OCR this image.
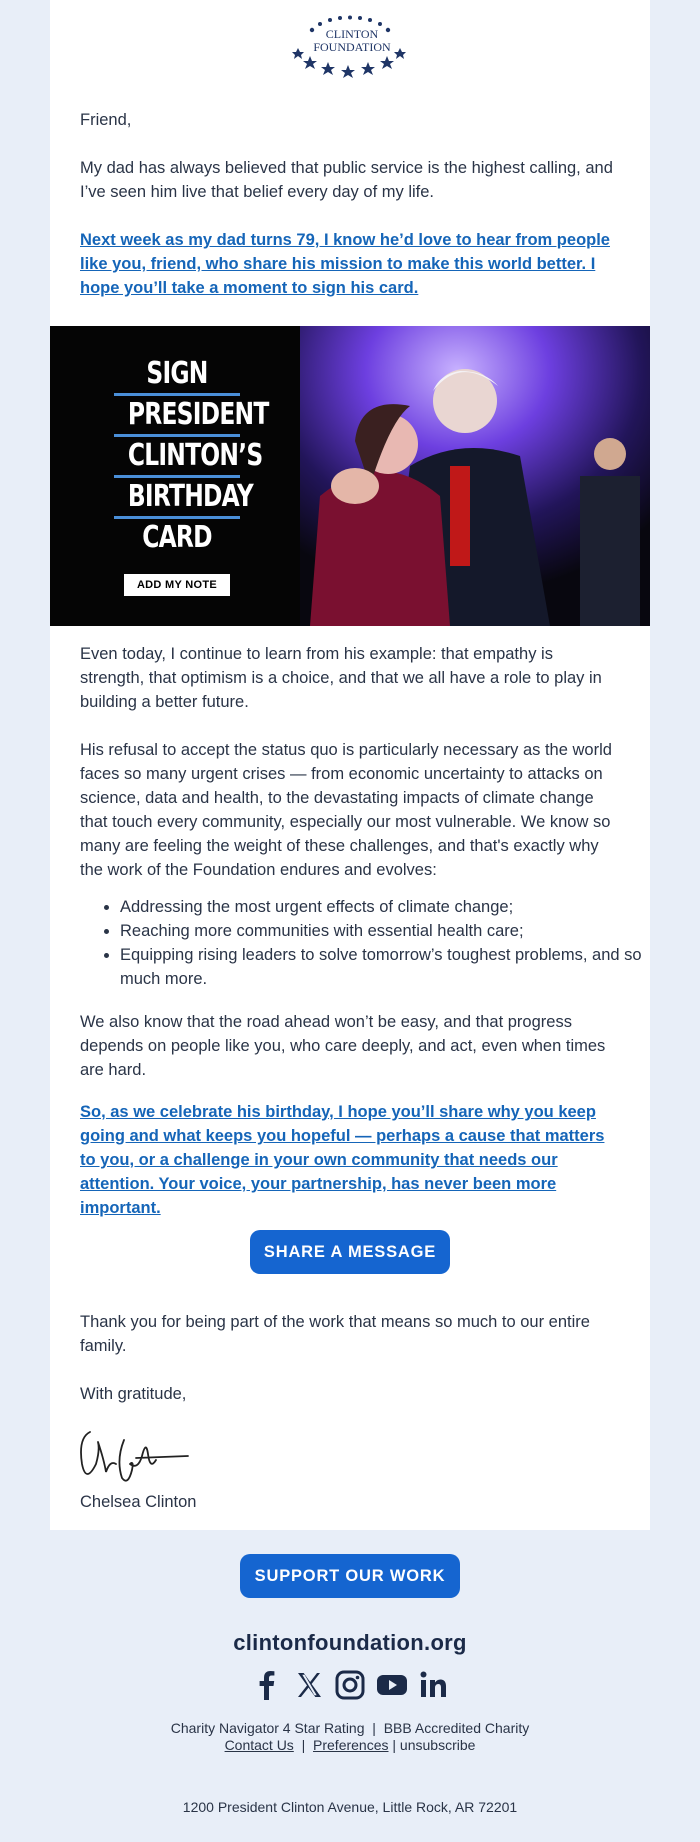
CLINTON
FOUNDATION

Friend,

My dad has always believed that public service is the highest calling, and I’ve seen him live that belief every day of my life.

Next week as my dad turns 79, I know he’d love to hear from people like you, friend, who share his mission to make this world better. I hope you’ll take a moment to sign his card.

SIGN
PRESIDENT
CLINTON’S
BIRTHDAY
CARD
ADD MY NOTE

Even today, I continue to learn from his example: that empathy is strength, that optimism is a choice, and that we all have a role to play in building a better future.

His refusal to accept the status quo is particularly necessary as the world faces so many urgent crises — from economic uncertainty to attacks on science, data and health, to the devastating impacts of climate change that touch every community, especially our most vulnerable. We know so many are feeling the weight of these challenges, and that's exactly why the work of the Foundation endures and evolves:

• Addressing the most urgent effects of climate change;
• Reaching more communities with essential health care;
• Equipping rising leaders to solve tomorrow’s toughest problems, and so much more.

We also know that the road ahead won’t be easy, and that progress depends on people like you, who care deeply, and act, even when times are hard.

So, as we celebrate his birthday, I hope you’ll share why you keep going and what keeps you hopeful — perhaps a cause that matters to you, or a challenge in your own community that needs our attention. Your voice, your partnership, has never been more important.

SHARE A MESSAGE

Thank you for being part of the work that means so much to our entire family.

With gratitude,

Chelsea Clinton

SUPPORT OUR WORK
clintonfoundation.org
Charity Navigator 4 Star Rating | BBB Accredited Charity
Contact Us | Preferences | unsubscribe
1200 President Clinton Avenue, Little Rock, AR 72201
